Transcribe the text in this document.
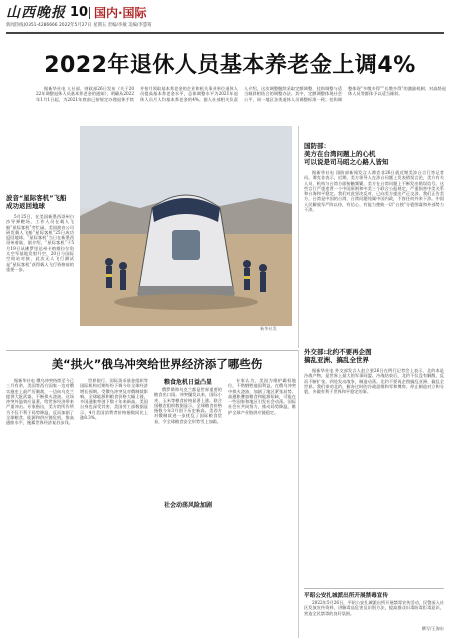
山西晚报 10 国内·国际
新闻热线(0351-4286666 2022年5月27日 星期五 责编/李敏 美编/李慧筠
2022年退休人员基本养老金上调4%

据新华社电 人社部、财政部26日发布《关于2022年调整退休人员基本养老金的通知》，明确从2022年1月1日起，为2021年底前已按规定办理退休手续并按月领取基本养老金的企业和机关事业单位退休人员提高基本养老金水平，总体调整水平为2021年退休人员月人均基本养老金的4%。据人社部相关负责人介绍，这次调整继续采取定额调整、挂钩调整与适当倾斜相结合的调整办法。其中，定额调整体现社会公平，同一地区各类退休人员调整标准一致；挂钩调整体现“多缴多得”“长缴多得”的激励机制；对高龄退休人员等群体予以适当倾斜。

波音“星际客机”飞船
成功返回地球

5月25日，在美国新墨西哥州白沙导弹靶场，工作人员在载人飞船“星际客机”旁忙碌。美国波音公司研发载人飞船“星际客机”25日成功返回地球。“星际客机”当日在新墨西哥州着陆，据介绍，“星际客机”于5月19日从佛罗里达州卡纳维拉尔角太空军基地发射升空，20日与国际空间站对接，此次无人飞行测试是“星际客机”获得载人飞行资格前的重要一步。

新华社发
国防部：
美方在台湾问题上的心机
可以说是司马昭之心路人皆知

据新华社电 国防部新闻发言人谭克非26日就近期美涉台言行答记者问。谭克非表示，近期，美方领导人在涉台问题上发表错误言论，美方有关人员、机构与台湾方面接触频繁，美方在台湾问题上不断发出错误信号。这些言行严重违背一个中国原则和中美三个联合公报规定，严重损害中美关系和台海和平稳定。我们对此坚决反对，已向美方提出严正交涉。我们正告美方，台湾是中国的台湾，台湾问题纯属中国内政，不容任何外来干涉。中国人民解放军严阵以待，有信心、有能力挫败一切“台独”分裂图谋和外部势力干涉。

美“拱火”俄乌冲突给世界经济添了哪些伤

据新华社电 俄乌冲突持续至今已三月有余，美国等西方国家一边对俄实施史上最严厉制裁，一边向乌克兰提供大批武器，不断拱火浇油。这场冲突外溢效应显著，给世界经济带来严重冲击。专家指出，美方的所作所为不仅不利于局势降温，反而加剧了全球粮食、能源和供应链危机，推高通胀水平，拖累世界经济复苏步伐。

世界银行、国际货币基金组织等国际机构近期纷纷下调今年全球经济增长预期。受俄乌冲突及对俄制裁影响，全球能源和粮食价格大幅上涨，多国通胀率创下数十年来新高。美国自身也深受其害，美国劳工部数据显示，4月美国消费者价格指数同比上涨8.3%。

粮食危机日益凸显

俄罗斯和乌克兰都是世界重要的粮食出口国。冲突爆发以来，国际小麦、玉米等粮食价格显著上涨。联合国粮农组织数据显示，全球粮食价格指数今年3月创下历史新高。美西方对俄制裁进一步扰乱了国际粮食贸易，令全球粮食安全形势雪上加霜。

社会动荡风险加剧

专家认为，美国为维护霸权地位，不惜牺牲他国利益，在俄乌冲突中拱火浇油，加剧了地区紧张局势。高通胀叠加粮食和能源短缺，可能在一些国家和地区引发社会动荡。国际社会应共同努力，推动局势降温，维护全球产业链供应链稳定。

外交部:北约不要再企图
搞乱亚洲、搞乱全世界

据新华社电 外交部发言人赵立坚26日在例行记者会上表示，北约本是冷战产物，是世界上最大的军事同盟。冷战结束后，北约不仅没有解散，反而不断扩张，四处发动战争，制造动荡。北约不要再企图搞乱亚洲、搞乱全世界。我们奉劝北约，摒弃过时的冷战思维和零和博弈，停止制造对立和分裂，多做有利于世界和平稳定的事。

平昭公安扎城派出所开展禁毒宣传

2022年5月26日，平昭公安扎城派出所开展禁毒宣传活动，民警深入社区发放宣传资料，讲解毒品危害及识别方法，提高群众识毒防毒拒毒意识，营造全民禁毒的良好氛围。

撰写/王海东
